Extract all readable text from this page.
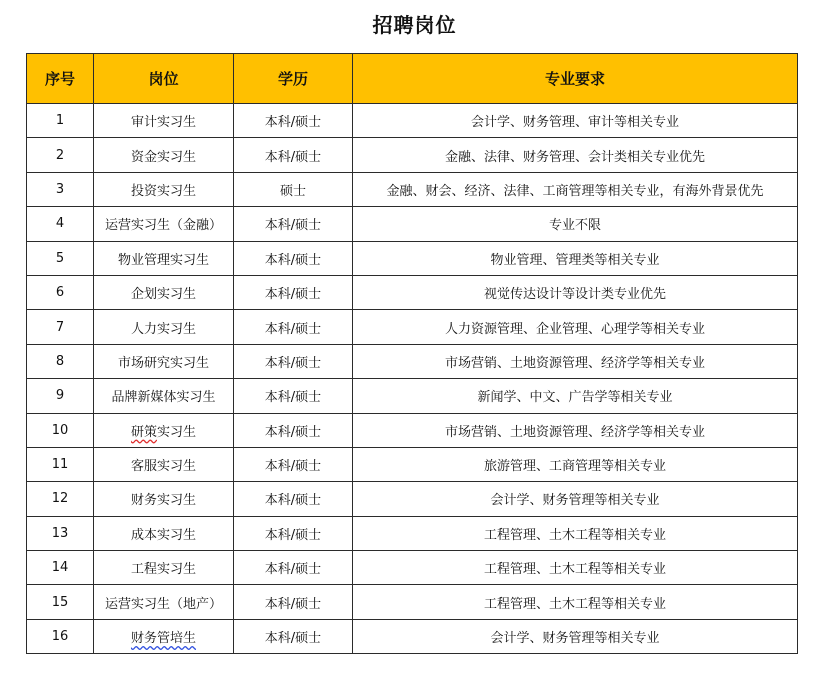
招聘岗位
序号	岗位	学历	专业要求
1	审计实习生	本科/硕士	会计学、财务管理、审计等相关专业
2	资金实习生	本科/硕士	金融、法律、财务管理、会计类相关专业优先
3	投资实习生	硕士	金融、财会、经济、法律、工商管理等相关专业，有海外背景优先
4	运营实习生（金融）	本科/硕士	专业不限
5	物业管理实习生	本科/硕士	物业管理、管理类等相关专业
6	企划实习生	本科/硕士	视觉传达设计等设计类专业优先
7	人力实习生	本科/硕士	人力资源管理、企业管理、心理学等相关专业
8	市场研究实习生	本科/硕士	市场营销、土地资源管理、经济学等相关专业
9	品牌新媒体实习生	本科/硕士	新闻学、中文、广告学等相关专业
10	研策实习生	本科/硕士	市场营销、土地资源管理、经济学等相关专业
11	客服实习生	本科/硕士	旅游管理、工商管理等相关专业
12	财务实习生	本科/硕士	会计学、财务管理等相关专业
13	成本实习生	本科/硕士	工程管理、土木工程等相关专业
14	工程实习生	本科/硕士	工程管理、土木工程等相关专业
15	运营实习生（地产）	本科/硕士	工程管理、土木工程等相关专业
16	财务管培生	本科/硕士	会计学、财务管理等相关专业
